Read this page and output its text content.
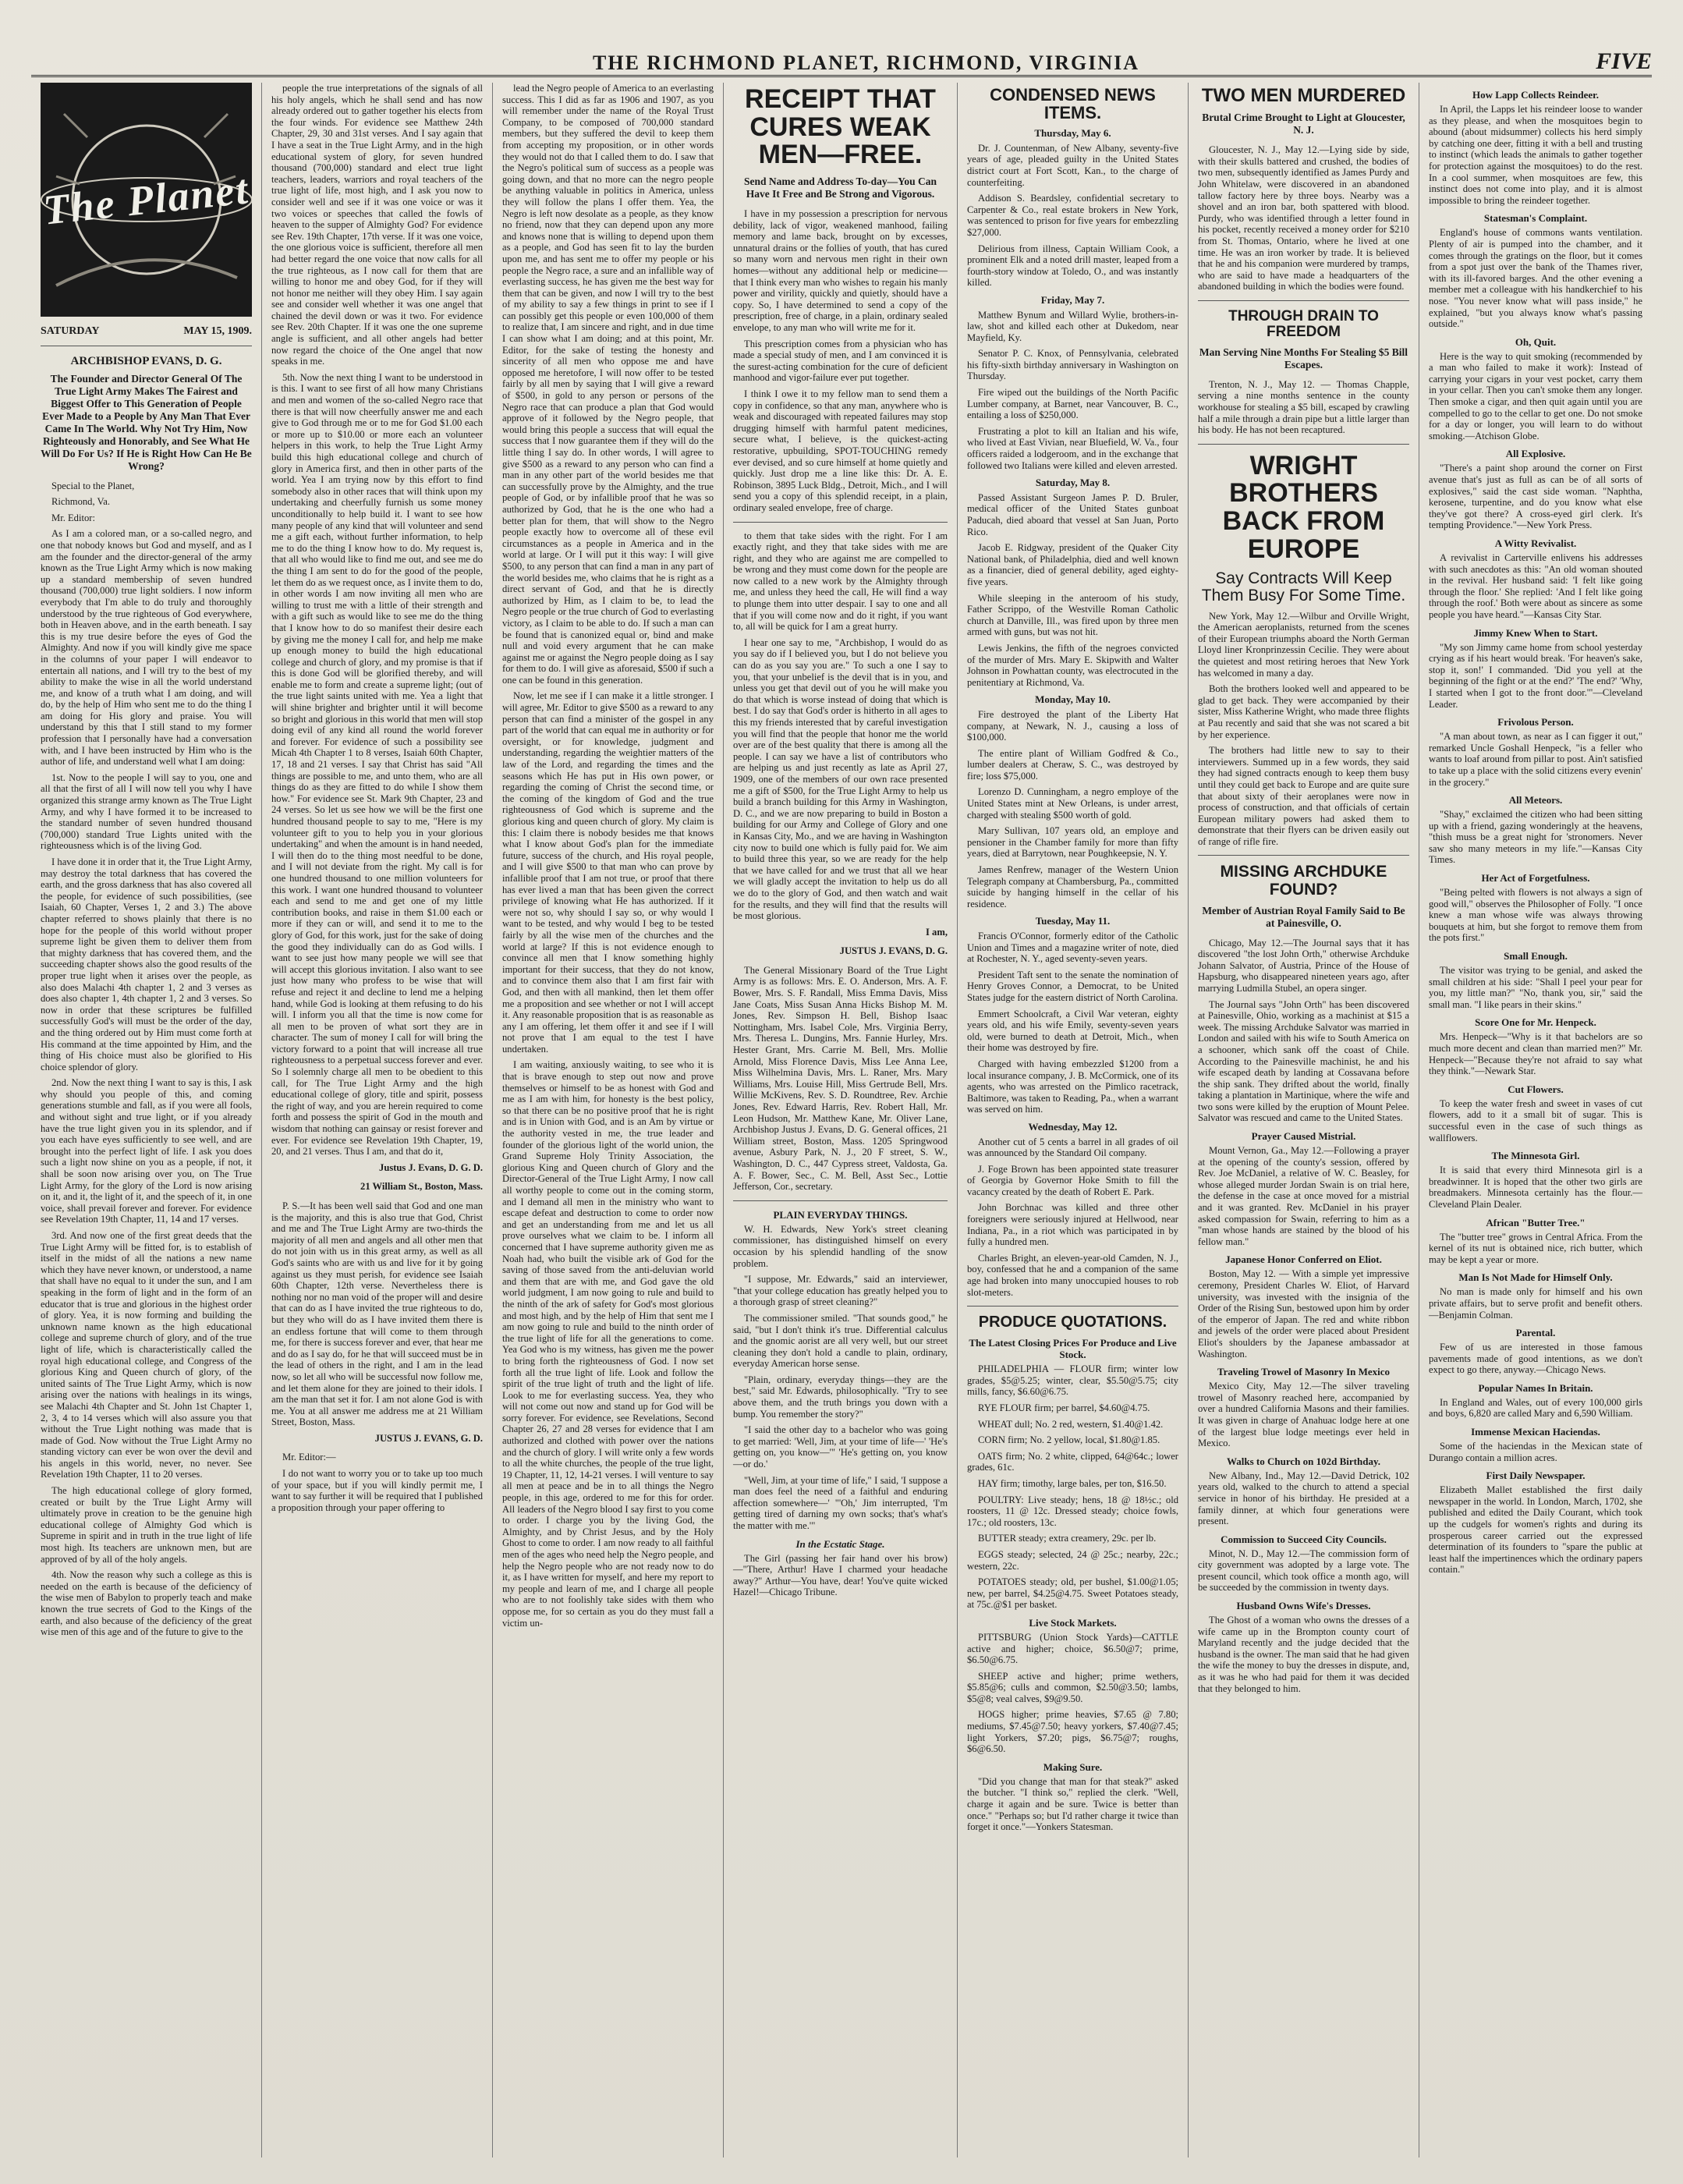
THE RICHMOND PLANET, RICHMOND, VIRGINIA	FIVE
The Planet
SATURDAY	MAY 15, 1909.
ARCHBISHOP EVANS, D. G.
The Founder and Director General Of The True Light Army Makes The Fairest and Biggest Offer to This Generation of People Ever Made to a People by Any Man That Ever Came In The World. Why Not Try Him, Now Righteously and Honorably, and See What He Will Do For Us? If He is Right How Can He Be Wrong?

Special to the Planet,

Richmond, Va.

Mr. Editor:

As I am a colored man, or a so-called negro, and one that nobody knows but God and myself, and as I am the founder and the director-general of the army known as the True Light Army which is now making up a standard membership of seven hundred thousand (700,000) true light soldiers. I now inform everybody that I'm able to do truly and thoroughly understood by the true righteous of God everywhere, both in Heaven above, and in the earth beneath. I say this is my true desire before the eyes of God the Almighty. And now if you will kindly give me space in the columns of your paper I will endeavor to entertain all nations, and I will try to the best of my ability to make the wise in all the world understand me, and know of a truth what I am doing, and will do, by the help of Him who sent me to do the thing I am doing for His glory and praise. You will understand by this that I still stand to my former profession that I personally have had a conversation with, and I have been instructed by Him who is the author of life, and understand well what I am doing:

1st. Now to the people I will say to you, one and all that the first of all I will now tell you why I have organized this strange army known as The True Light Army, and why I have formed it to be increased to the standard number of seven hundred thousand (700,000) standard True Lights united with the righteousness which is of the living God.

I have done it in order that it, the True Light Army, may destroy the total darkness that has covered the earth, and the gross darkness that has also covered all the people, for evidence of such possibilities, (see Isaiah, 60 Chapter, Verses 1, 2 and 3.) The above chapter referred to shows plainly that there is no hope for the people of this world without proper supreme light be given them to deliver them from that mighty darkness that has covered them, and the succeeding chapter shows also the good results of the proper true light when it arises over the people, as also does Malachi 4th chapter 1, 2 and 3 verses as does also chapter 1, 4th chapter 1, 2 and 3 verses. So now in order that these scriptures be fulfilled successfully God's will must be the order of the day, and the thing ordered out by Him must come forth at His command at the time appointed by Him, and the thing of His choice must also be glorified to His choice splendor of glory.

2nd. Now the next thing I want to say is this, I ask why should you people of this, and coming generations stumble and fall, as if you were all fools, and without sight and true light, or if you already have the true light given you in its splendor, and if you each have eyes sufficiently to see well, and are brought into the perfect light of life. I ask you does such a light now shine on you as a people, if not, it shall be soon now arising over you, on The True Light Army, for the glory of the Lord is now arising on it, and it, the light of it, and the speech of it, in one voice, shall prevail forever and forever. For evidence see Revelation 19th Chapter, 11, 14 and 17 verses.

3rd. And now one of the first great deeds that the True Light Army will be fitted for, is to establish of itself in the midst of all the nations a new name which they have never known, or understood, a name that shall have no equal to it under the sun, and I am speaking in the form of light and in the form of an educator that is true and glorious in the highest order of glory. Yea, it is now forming and building the unknown name known as the high educational college and supreme church of glory, and of the true light of life, which is characteristically called the royal high educational college, and Congress of the glorious King and Queen church of glory, of the united saints of The True Light Army, which is now arising over the nations with healings in its wings, see Malachi 4th Chapter and St. John 1st Chapter 1, 2, 3, 4 to 14 verses which will also assure you that without the True Light nothing was made that is made of God. Now without the True Light Army no standing victory can ever be won over the devil and his angels in this world, never, no never. See Revelation 19th Chapter, 11 to 20 verses.

The high educational college of glory formed, created or built by the True Light Army will ultimately prove in creation to be the genuine high educational college of Almighty God which is Supreme in spirit and in truth in the true light of life most high. Its teachers are unknown men, but are approved of by all of the holy angels.

4th. Now the reason why such a college as this is needed on the earth is because of the deficiency of the wise men of Babylon to properly teach and make known the true secrets of God to the Kings of the earth, and also because of the deficiency of the great wise men of this age and of the future to give to the

people the true interpretations of the signals of all his holy angels, which he shall send and has now already ordered out to gather together his elects from the four winds. For evidence see Matthew 24th Chapter, 29, 30 and 31st verses. And I say again that I have a seat in the True Light Army, and in the high educational system of glory, for seven hundred thousand (700,000) standard and elect true light teachers, leaders, warriors and royal teachers of the true light of life, most high, and I ask you now to consider well and see if it was one voice or was it two voices or speeches that called the fowls of heaven to the supper of Almighty God? For evidence see Rev. 19th Chapter, 17th verse. If it was one voice, the one glorious voice is sufficient, therefore all men had better regard the one voice that now calls for all the true righteous, as I now call for them that are willing to honor me and obey God, for if they will not honor me neither will they obey Him. I say again see and consider well whether it was one angel that chained the devil down or was it two. For evidence see Rev. 20th Chapter. If it was one the one supreme angle is sufficient, and all other angels had better now regard the choice of the One angel that now speaks in me.

5th. Now the next thing I want to be understood in is this. I want to see first of all how many Christians and men and women of the so-called Negro race that there is that will now cheerfully answer me and each give to God through me or to me for God $1.00 each or more up to $10.00 or more each an volunteer helpers in this work, to help the True Light Army build this high educational college and church of glory in America first, and then in other parts of the world. Yea I am trying now by this effort to find somebody also in other races that will think upon my undertaking and cheerfully furnish us some money unconditionally to help build it. I want to see how many people of any kind that will volunteer and send me a gift each, without further information, to help me to do the thing I know how to do. My request is, that all who would like to find me out, and see me do the thing I am sent to do for the good of the people, let them do as we request once, as I invite them to do, in other words I am now inviting all men who are willing to trust me with a little of their strength and with a gift such as would like to see me do the thing that I know how to do so manifest their desire each by giving me the money I call for, and help me make up enough money to build the high educational college and church of glory, and my promise is that if this is done God will be glorified thereby, and will enable me to form and create a supreme light; (out of the true light saints united with me. Yea a light that will shine brighter and brighter until it will become so bright and glorious in this world that men will stop doing evil of any kind all round the world forever and forever. For evidence of such a possibility see Micah 4th Chapter 1 to 8 verses, Isaiah 60th Chapter, 17, 18 and 21 verses. I say that Christ has said "All things are possible to me, and unto them, who are all things do as they are fitted to do while I show them how." For evidence see St. Mark 9th Chapter, 23 and 24 verses. So let us see how we will be the first one hundred thousand people to say to me, "Here is my volunteer gift to you to help you in your glorious undertaking" and when the amount is in hand needed, I will then do to the thing most needful to be done, and I will not deviate from the right. My call is for one hundred thousand to one million volunteers for this work. I want one hundred thousand to volunteer each and send to me and get one of my little contribution books, and raise in them $1.00 each or more if they can or will, and send it to me to the glory of God, for this work, just for the sake of doing the good they individually can do as God wills. I want to see just how many people we will see that will accept this glorious invitation. I also want to see just how many who profess to be wise that will refuse and reject it and decline to lend me a helping hand, while God is looking at them refusing to do his will. I inform you all that the time is now come for all men to be proven of what sort they are in character. The sum of money I call for will bring the victory forward to a point that will increase all true righteousness to a perpetual success forever and ever. So I solemnly charge all men to be obedient to this call, for The True Light Army and the high educational college of glory, title and spirit, possess the right of way, and you are herein required to come forth and possess the spirit of God in the mouth and wisdom that nothing can gainsay or resist forever and ever. For evidence see Revelation 19th Chapter, 19, 20, and 21 verses. Thus I am, and that do it,

Justus J. Evans, D. G. D.
21 William St., Boston, Mass.

P. S.—It has been well said that God and one man is the majority, and this is also true that God, Christ and me and The True Light Army are two-thirds the majority of all men and angels and all other men that do not join with us in this great army, as well as all God's saints who are with us and live for it by going against us they must perish, for evidence see Isaiah 60th Chapter, 12th verse. Nevertheless there is nothing nor no man void of the proper will and desire that can do as I have invited the true righteous to do, but they who will do as I have invited them there is an endless fortune that will come to them through me, for there is success forever and ever, that hear me and do as I say do, for he that will succeed must be in the lead of others in the right, and I am in the lead now, so let all who will be successful now follow me, and let them alone for they are joined to their idols. I am the man that set it for. I am not alone God is with me. You at all answer me address me at 21 William Street, Boston, Mass.

JUSTUS J. EVANS, G. D.

Mr. Editor:—

I do not want to worry you or to take up too much of your space, but if you will kindly permit me, I want to say further it will be required that I published a proposition through your paper offering to

lead the Negro people of America to an everlasting success. This I did as far as 1906 and 1907, as you will remember under the name of the Royal Trust Company, to be composed of 700,000 standard members, but they suffered the devil to keep them from accepting my proposition, or in other words they would not do that I called them to do. I saw that the Negro's political sum of success as a people was going down, and that no more can the negro people be anything valuable in politics in America, unless they will follow the plans I offer them. Yea, the Negro is left now desolate as a people, as they know no friend, now that they can depend upon any more and knows none that is willing to depend upon them as a people, and God has seen fit to lay the burden upon me, and has sent me to offer my people or his people the Negro race, a sure and an infallible way of everlasting success, he has given me the best way for them that can be given, and now I will try to the best of my ability to say a few things in print to see if I can possibly get this people or even 100,000 of them to realize that, I am sincere and right, and in due time I can show what I am doing; and at this point, Mr. Editor, for the sake of testing the honesty and sincerity of all men who oppose me and have opposed me heretofore, I will now offer to be tested fairly by all men by saying that I will give a reward of $500, in gold to any person or persons of the Negro race that can produce a plan that God would approve of it followed by the Negro people, that would bring this people a success that will equal the success that I now guarantee them if they will do the little thing I say do. In other words, I will agree to give $500 as a reward to any person who can find a man in any other part of the world besides me that can successfully prove by the Almighty, and the true people of God, or by infallible proof that he was so authorized by God, that he is the one who had a better plan for them, that will show to the Negro people exactly how to overcome all of these evil circumstances as a people in America and in the world at large. Or I will put it this way: I will give $500, to any person that can find a man in any part of the world besides me, who claims that he is right as a direct servant of God, and that he is directly authorized by Him, as I claim to be, to lead the Negro people or the true church of God to everlasting victory, as I claim to be able to do. If such a man can be found that is canonized equal or, bind and make null and void every argument that he can make against me or against the Negro people doing as I say for them to do. I will give as aforesaid, $500 if such a one can be found in this generation.

Now, let me see if I can make it a little stronger. I will agree, Mr. Editor to give $500 as a reward to any person that can find a minister of the gospel in any part of the world that can equal me in authority or for oversight, or for knowledge, judgment and understanding, regarding the weightier matters of the law of the Lord, and regarding the times and the seasons which He has put in His own power, or regarding the coming of Christ the second time, or the coming of the kingdom of God and the true righteousness of God which is supreme and the glorious king and queen church of glory. My claim is this: I claim there is nobody besides me that knows what I know about God's plan for the immediate future, success of the church, and His royal people, and I will give $500 to that man who can prove by infallible proof that I am not true, or proof that there has ever lived a man that has been given the correct privilege of knowing what He has authorized. If it were not so, why should I say so, or why would I want to be tested, and why would I beg to be tested fairly by all the wise men of the churches and the world at large? If this is not evidence enough to convince all men that I know something highly important for their success, that they do not know, and to convince them also that I am first fair with God, and then with all mankind, then let them offer me a proposition and see whether or not I will accept it. Any reasonable proposition that is as reasonable as any I am offering, let them offer it and see if I will not prove that I am equal to the test I have undertaken.

I am waiting, anxiously waiting, to see who it is that is brave enough to step out now and prove themselves or himself to be as honest with God and me as I am with him, for honesty is the best policy, so that there can be no positive proof that he is right and is in Union with God, and is an Am by virtue or the authority vested in me, the true leader and founder of the glorious light of the world union, the Grand Supreme Holy Trinity Association, the glorious King and Queen church of Glory and the Director-General of the True Light Army, I now call all worthy people to come out in the coming storm, and I demand all men in the ministry who want to escape defeat and destruction to come to order now and get an understanding from me and let us all prove ourselves what we claim to be. I inform all concerned that I have supreme authority given me as Noah had, who built the visible ark of God for the saving of those saved from the anti-deluvian world and them that are with me, and God gave the old world judgment, I am now going to rule and build to the ninth of the ark of safety for God's most glorious and most high, and by the help of Him that sent me I am now going to rule and build to the ninth order of the true light of life for all the generations to come. Yea God who is my witness, has given me the power to bring forth the righteousness of God. I now set forth all the true light of life. Look and follow the spirit of the true light of truth and the light of life. Look to me for everlasting success. Yea, they who will not come out now and stand up for God will be sorry forever. For evidence, see Revelations, Second Chapter 26, 27 and 28 verses for evidence that I am authorized and clothed with power over the nations and the church of glory. I will write only a few words to all the white churches, the people of the true light, 19 Chapter, 11, 12, 14-21 verses. I will venture to say all men at peace and be in to all things the Negro people, in this age, ordered to me for this for order. All leaders of the Negro blood I say first to you come to order. I charge you by the living God, the Almighty, and by Christ Jesus, and by the Holy Ghost to come to order. I am now ready to all faithful men of the ages who need help the Negro people, and help the Negro people who are not ready now to do it, as I have written for myself, and here my report to my people and learn of me, and I charge all people who are to not foolishly take sides with them who oppose me, for so certain as you do they must fall a victim un-

RECEIPT THAT CURES WEAK MEN—FREE.
Send Name and Address To-day—You Can Have It Free and Be Strong and Vigorous.

I have in my possession a prescription for nervous debility, lack of vigor, weakened manhood, failing memory and lame back, brought on by excesses, unnatural drains or the follies of youth, that has cured so many worn and nervous men right in their own homes—without any additional help or medicine—that I think every man who wishes to regain his manly power and virility, quickly and quietly, should have a copy. So, I have determined to send a copy of the prescription, free of charge, in a plain, ordinary sealed envelope, to any man who will write me for it.

This prescription comes from a physician who has made a special study of men, and I am convinced it is the surest-acting combination for the cure of deficient manhood and vigor-failure ever put together.

I think I owe it to my fellow man to send them a copy in confidence, so that any man, anywhere who is weak and discouraged with repeated failures may stop drugging himself with harmful patent medicines, secure what, I believe, is the quickest-acting restorative, upbuilding, SPOT-TOUCHING remedy ever devised, and so cure himself at home quietly and quickly. Just drop me a line like this: Dr. A. E. Robinson, 3895 Luck Bldg., Detroit, Mich., and I will send you a copy of this splendid receipt, in a plain, ordinary sealed envelope, free of charge.

to them that take sides with the right. For I am exactly right, and they that take sides with me are right, and they who are against me are compelled to be wrong and they must come down for the people are now called to a new work by the Almighty through me, and unless they heed the call, He will find a way to plunge them into utter despair. I say to one and all that if you will come now and do it right, if you want to, all will be quick for I am a great hurry.

I hear one say to me, "Archbishop, I would do as you say do if I believed you, but I do not believe you can do as you say you are." To such a one I say to you, that your unbelief is the devil that is in you, and unless you get that devil out of you he will make you do that which is worse instead of doing that which is best. I do say that God's order is hitherto in all ages to this my friends interested that by careful investigation you will find that the people that honor me the world over are of the best quality that there is among all the people. I can say we have a list of contributors who are helping us and just recently as late as April 27, 1909, one of the members of our own race presented me a gift of $500, for the True Light Army to help us build a branch building for this Army in Washington, D. C., and we are now preparing to build in Boston a building for our Army and College of Glory and one in Kansas City, Mo., and we are having in Washington city now to build one which is fully paid for. We aim to build three this year, so we are ready for the help that we have called for and we trust that all we hear we will gladly accept the invitation to help us do all we do to the glory of God, and then watch and wait for the results, and they will find that the results will be most glorious.

I am,
JUSTUS J. EVANS, D. G.

The General Missionary Board of the True Light Army is as follows: Mrs. E. O. Anderson, Mrs. A. F. Bower, Mrs. S. F. Randall, Miss Emma Davis, Miss Jane Coats, Miss Susan Anna Hicks Bishop M. M. Jones, Rev. Simpson H. Bell, Bishop Isaac Nottingham, Mrs. Isabel Cole, Mrs. Virginia Berry, Mrs. Theresa L. Dungins, Mrs. Fannie Hurley, Mrs. Hester Grant, Mrs. Carrie M. Bell, Mrs. Mollie Arnold, Miss Florence Davis, Miss Lee Anna Lee, Miss Wilhelmina Davis, Mrs. L. Raner, Mrs. Mary Williams, Mrs. Louise Hill, Miss Gertrude Bell, Mrs. Willie McKivens, Rev. S. D. Roundtree, Rev. Archie Jones, Rev. Edward Harris, Rev. Robert Hall, Mr. Leon Hudson, Mr. Matthew Kane, Mr. Oliver Lane, Archbishop Justus J. Evans, D. G. General offices, 21 William street, Boston, Mass. 1205 Springwood avenue, Asbury Park, N. J., 20 F street, S. W., Washington, D. C., 447 Cypress street, Valdosta, Ga. A. F. Bower, Sec., C. M. Bell, Asst Sec., Lottie Jefferson, Cor., secretary.

PLAIN EVERYDAY THINGS.

W. H. Edwards, New York's street cleaning commissioner, has distinguished himself on every occasion by his splendid handling of the snow problem.

"I suppose, Mr. Edwards," said an interviewer, "that your college education has greatly helped you to a thorough grasp of street cleaning?"

The commissioner smiled. "That sounds good," he said, "but I don't think it's true. Differential calculus and the gnomic aorist are all very well, but our street cleaning they don't hold a candle to plain, ordinary, everyday American horse sense.

"Plain, ordinary, everyday things—they are the best," said Mr. Edwards, philosophically. "Try to see above them, and the truth brings you down with a bump. You remember the story?"

"I said the other day to a bachelor who was going to get married: 'Well, Jim, at your time of life—' 'He's getting on, you know—'" 'He's getting on, you know—or do.'

"Well, Jim, at your time of life," I said, 'I suppose a man does feel the need of a faithful and enduring affection somewhere—' "'Oh,' Jim interrupted, 'I'm getting tired of darning my own socks; that's what's the matter with me.'"

In the Ecstatic Stage.

The Girl (passing her fair hand over his brow)—"There, Arthur! Have I charmed your headache away?" Arthur—You have, dear! You've quite wicked Hazel!—Chicago Tribune.

CONDENSED NEWS ITEMS.
Thursday, May 6.

Dr. J. Countenman, of New Albany, seventy-five years of age, pleaded guilty in the United States district court at Fort Scott, Kan., to the charge of counterfeiting.

Addison S. Beardsley, confidential secretary to Carpenter & Co., real estate brokers in New York, was sentenced to prison for five years for embezzling $27,000.

Delirious from illness, Captain William Cook, a prominent Elk and a noted drill master, leaped from a fourth-story window at Toledo, O., and was instantly killed.

Friday, May 7.

Matthew Bynum and Willard Wylie, brothers-in-law, shot and killed each other at Dukedom, near Mayfield, Ky.

Senator P. C. Knox, of Pennsylvania, celebrated his fifty-sixth birthday anniversary in Washington on Thursday.

Fire wiped out the buildings of the North Pacific Lumber company, at Barnet, near Vancouver, B. C., entailing a loss of $250,000.

Frustrating a plot to kill an Italian and his wife, who lived at East Vivian, near Bluefield, W. Va., four officers raided a lodgeroom, and in the exchange that followed two Italians were killed and eleven arrested.

Saturday, May 8.

Passed Assistant Surgeon James P. D. Bruler, medical officer of the United States gunboat Paducah, died aboard that vessel at San Juan, Porto Rico.

Jacob E. Ridgway, president of the Quaker City National bank, of Philadelphia, died and well known as a financier, died of general debility, aged eighty-five years.

While sleeping in the anteroom of his study, Father Scrippo, of the Westville Roman Catholic church at Danville, Ill., was fired upon by three men armed with guns, but was not hit.

Lewis Jenkins, the fifth of the negroes convicted of the murder of Mrs. Mary E. Skipwith and Walter Johnson in Powhattan county, was electrocuted in the penitentiary at Richmond, Va.

Monday, May 10.

Fire destroyed the plant of the Liberty Hat company, at Newark, N. J., causing a loss of $100,000.

The entire plant of William Godfred & Co., lumber dealers at Cheraw, S. C., was destroyed by fire; loss $75,000.

Lorenzo D. Cunningham, a negro employe of the United States mint at New Orleans, is under arrest, charged with stealing $500 worth of gold.

Mary Sullivan, 107 years old, an employe and pensioner in the Chamber family for more than fifty years, died at Barrytown, near Poughkeepsie, N. Y.

James Renfrew, manager of the Western Union Telegraph company at Chambersburg, Pa., committed suicide by hanging himself in the cellar of his residence.

Tuesday, May 11.

Francis O'Connor, formerly editor of the Catholic Union and Times and a magazine writer of note, died at Rochester, N. Y., aged seventy-seven years.

President Taft sent to the senate the nomination of Henry Groves Connor, a Democrat, to be United States judge for the eastern district of North Carolina.

Emmert Schoolcraft, a Civil War veteran, eighty years old, and his wife Emily, seventy-seven years old, were burned to death at Detroit, Mich., when their home was destroyed by fire.

Charged with having embezzled $1200 from a local insurance company, J. B. McCormick, one of its agents, who was arrested on the Pimlico racetrack, Baltimore, was taken to Reading, Pa., when a warrant was served on him.

Wednesday, May 12.

Another cut of 5 cents a barrel in all grades of oil was announced by the Standard Oil company.

J. Foge Brown has been appointed state treasurer of Georgia by Governor Hoke Smith to fill the vacancy created by the death of Robert E. Park.

John Borchnac was killed and three other foreigners were seriously injured at Hellwood, near Indiana, Pa., in a riot which was participated in by fully a hundred men.

Charles Bright, an eleven-year-old Camden, N. J., boy, confessed that he and a companion of the same age had broken into many unoccupied houses to rob slot-meters.

PRODUCE QUOTATIONS.
The Latest Closing Prices For Produce and Live Stock.

PHILADELPHIA — FLOUR firm; winter low grades, $5@5.25; winter, clear, $5.50@5.75; city mills, fancy, $6.60@6.75.

RYE FLOUR firm; per barrel, $4.60@4.75.

WHEAT dull; No. 2 red, western, $1.40@1.42.

CORN firm; No. 2 yellow, local, $1.80@1.85.

OATS firm; No. 2 white, clipped, 64@64c.; lower grades, 61c.

HAY firm; timothy, large bales, per ton, $16.50.

POULTRY: Live steady; hens, 18 @ 18½c.; old roosters, 11 @ 12c. Dressed steady; choice fowls, 17c.; old roosters, 13c.

BUTTER steady; extra creamery, 29c. per lb.

EGGS steady; selected, 24 @ 25c.; nearby, 22c.; western, 22c.

POTATOES steady; old, per bushel, $1.00@1.05; new, per barrel, $4.25@4.75. Sweet Potatoes steady, at 75c.@$1 per basket.

Live Stock Markets.

PITTSBURG (Union Stock Yards)—CATTLE active and higher; choice, $6.50@7; prime, $6.50@6.75.

SHEEP active and higher; prime wethers, $5.85@6; culls and common, $2.50@3.50; lambs, $5@8; veal calves, $9@9.50.

HOGS higher; prime heavies, $7.65 @ 7.80; mediums, $7.45@7.50; heavy yorkers, $7.40@7.45; light Yorkers, $7.20; pigs, $6.75@7; roughs, $6@6.50.

Making Sure.

"Did you change that man for that steak?" asked the butcher. "I think so," replied the clerk. "Well, charge it again and be sure. Twice is better than once." "Perhaps so; but I'd rather charge it twice than forget it once."—Yonkers Statesman.

TWO MEN MURDERED
Brutal Crime Brought to Light at Gloucester, N. J.

Gloucester, N. J., May 12.—Lying side by side, with their skulls battered and crushed, the bodies of two men, subsequently identified as James Purdy and John Whitelaw, were discovered in an abandoned tallow factory here by three boys. Nearby was a shovel and an iron bar, both spattered with blood. Purdy, who was identified through a letter found in his pocket, recently received a money order for $210 from St. Thomas, Ontario, where he lived at one time. He was an iron worker by trade. It is believed that he and his companion were murdered by tramps, who are said to have made a headquarters of the abandoned building in which the bodies were found.

THROUGH DRAIN TO FREEDOM
Man Serving Nine Months For Stealing $5 Bill Escapes.

Trenton, N. J., May 12. — Thomas Chapple, serving a nine months sentence in the county workhouse for stealing a $5 bill, escaped by crawling half a mile through a drain pipe but a little larger than his body. He has not been recaptured.

WRIGHT BROTHERS BACK FROM EUROPE
Say Contracts Will Keep Them Busy For Some Time.

New York, May 12.—Wilbur and Orville Wright, the American aeroplanists, returned from the scenes of their European triumphs aboard the North German Lloyd liner Kronprinzessin Cecilie. They were about the quietest and most retiring heroes that New York has welcomed in many a day.

Both the brothers looked well and appeared to be glad to get back. They were accompanied by their sister, Miss Katherine Wright, who made three flights at Pau recently and said that she was not scared a bit by her experience.

The brothers had little new to say to their interviewers. Summed up in a few words, they said they had signed contracts enough to keep them busy until they could get back to Europe and are quite sure that about sixty of their aeroplanes were now in process of construction, and that officials of certain European military powers had asked them to demonstrate that their flyers can be driven easily out of range of rifle fire.

MISSING ARCHDUKE FOUND?
Member of Austrian Royal Family Said to Be at Painesville, O.

Chicago, May 12.—The Journal says that it has discovered "the lost John Orth," otherwise Archduke Johann Salvator, of Austria, Prince of the House of Hapsburg, who disappeared nineteen years ago, after marrying Ludmilla Stubel, an opera singer.

The Journal says "John Orth" has been discovered at Painesville, Ohio, working as a machinist at $15 a week. The missing Archduke Salvator was married in London and sailed with his wife to South America on a schooner, which sank off the coast of Chile. According to the Painesville machinist, he and his wife escaped death by landing at Cossavana before the ship sank. They drifted about the world, finally taking a plantation in Martinique, where the wife and two sons were killed by the eruption of Mount Pelee. Salvator was rescued and came to the United States.

Prayer Caused Mistrial.

Mount Vernon, Ga., May 12.—Following a prayer at the opening of the county's session, offered by Rev. Joe McDaniel, a relative of W. C. Beasley, for whose alleged murder Jordan Swain is on trial here, the defense in the case at once moved for a mistrial and it was granted. Rev. McDaniel in his prayer asked compassion for Swain, referring to him as a "man whose hands are stained by the blood of his fellow man."

Japanese Honor Conferred on Eliot.

Boston, May 12. — With a simple yet impressive ceremony, President Charles W. Eliot, of Harvard university, was invested with the insignia of the Order of the Rising Sun, bestowed upon him by order of the emperor of Japan. The red and white ribbon and jewels of the order were placed about President Eliot's shoulders by the Japanese ambassador at Washington.

Traveling Trowel of Masonry In Mexico

Mexico City, May 12.—The silver traveling trowel of Masonry reached here, accompanied by over a hundred California Masons and their families. It was given in charge of Anahuac lodge here at one of the largest blue lodge meetings ever held in Mexico.

Walks to Church on 102d Birthday.

New Albany, Ind., May 12.—David Detrick, 102 years old, walked to the church to attend a special service in honor of his birthday. He presided at a family dinner, at which four generations were present.

Commission to Succeed City Councils.

Minot, N. D., May 12.—The commission form of city government was adopted by a large vote. The present council, which took office a month ago, will be succeeded by the commission in twenty days.

Husband Owns Wife's Dresses.

The Ghost of a woman who owns the dresses of a wife came up in the Brompton county court of Maryland recently and the judge decided that the husband is the owner. The man said that he had given the wife the money to buy the dresses in dispute, and, as it was he who had paid for them it was decided that they belonged to him.

How Lapp Collects Reindeer.

In April, the Lapps let his reindeer loose to wander as they please, and when the mosquitoes begin to abound (about midsummer) collects his herd simply by catching one deer, fitting it with a bell and trusting to instinct (which leads the animals to gather together for protection against the mosquitoes) to do the rest. In a cool summer, when mosquitoes are few, this instinct does not come into play, and it is almost impossible to bring the reindeer together.

Statesman's Complaint.

England's house of commons wants ventilation. Plenty of air is pumped into the chamber, and it comes through the gratings on the floor, but it comes from a spot just over the bank of the Thames river, with its ill-favored barges. And the other evening a member met a colleague with his handkerchief to his nose. "You never know what will pass inside," he explained, "but you always know what's passing outside."

Oh, Quit.

Here is the way to quit smoking (recommended by a man who failed to make it work): Instead of carrying your cigars in your vest pocket, carry them in your cellar. Then you can't smoke them any longer. Then smoke a cigar, and then quit again until you are compelled to go to the cellar to get one. Do not smoke for a day or longer, you will learn to do without smoking.—Atchison Globe.

All Explosive.

"There's a paint shop around the corner on First avenue that's just as full as can be of all sorts of explosives," said the cast side woman. "Naphtha, kerosene, turpentine, and do you know what else they've got there? A cross-eyed girl clerk. It's tempting Providence."—New York Press.

A Witty Revivalist.

A revivalist in Carterville enlivens his addresses with such anecdotes as this: "An old woman shouted in the revival. Her husband said: 'I felt like going through the floor.' She replied: 'And I felt like going through the roof.' Both were about as sincere as some people you have heard."—Kansas City Star.

Jimmy Knew When to Start.

"My son Jimmy came home from school yesterday crying as if his heart would break. 'For heaven's sake, stop it, son!' I commanded. 'Did you yell at the beginning of the fight or at the end?' 'The end?' 'Why, I started when I got to the front door.'"—Cleveland Leader.

Frivolous Person.

"A man about town, as near as I can figger it out," remarked Uncle Goshall Henpeck, "is a feller who wants to loaf around from pillar to post. Ain't satisfied to take up a place with the solid citizens every evenin' in the grocery."

All Meteors.

"Shay," exclaimed the citizen who had been sitting up with a friend, gazing wonderingly at the heavens, "thish muss be a great night for 'stronomers. Never saw sho many meteors in my life."—Kansas City Times.

Her Act of Forgetfulness.

"Being pelted with flowers is not always a sign of good will," observes the Philosopher of Folly. "I once knew a man whose wife was always throwing bouquets at him, but she forgot to remove them from the pots first."

Small Enough.

The visitor was trying to be genial, and asked the small children at his side: "Shall I peel your pear for you, my little man?" "No, thank you, sir," said the small man. "I like pears in their skins."

Score One for Mr. Henpeck.

Mrs. Henpeck—"Why is it that bachelors are so much more decent and clean than married men?" Mr. Henpeck—"Because they're not afraid to say what they think."—Newark Star.

Cut Flowers.

To keep the water fresh and sweet in vases of cut flowers, add to it a small bit of sugar. This is successful even in the case of such things as wallflowers.

The Minnesota Girl.

It is said that every third Minnesota girl is a breadwinner. It is hoped that the other two girls are breadmakers. Minnesota certainly has the flour.—Cleveland Plain Dealer.

African "Butter Tree."

The "butter tree" grows in Central Africa. From the kernel of its nut is obtained nice, rich butter, which may be kept a year or more.

Man Is Not Made for Himself Only.

No man is made only for himself and his own private affairs, but to serve profit and benefit others.—Benjamin Colman.

Parental.

Few of us are interested in those famous pavements made of good intentions, as we don't expect to go there, anyway.—Chicago News.

Popular Names In Britain.

In England and Wales, out of every 100,000 girls and boys, 6,820 are called Mary and 6,590 William.

Immense Mexican Haciendas.

Some of the haciendas in the Mexican state of Durango contain a million acres.

First Daily Newspaper.

Elizabeth Mallet established the first daily newspaper in the world. In London, March, 1702, she published and edited the Daily Courant, which took up the cudgels for women's rights and during its prosperous career carried out the expressed determination of its founders to "spare the public at least half the impertinences which the ordinary papers contain."
